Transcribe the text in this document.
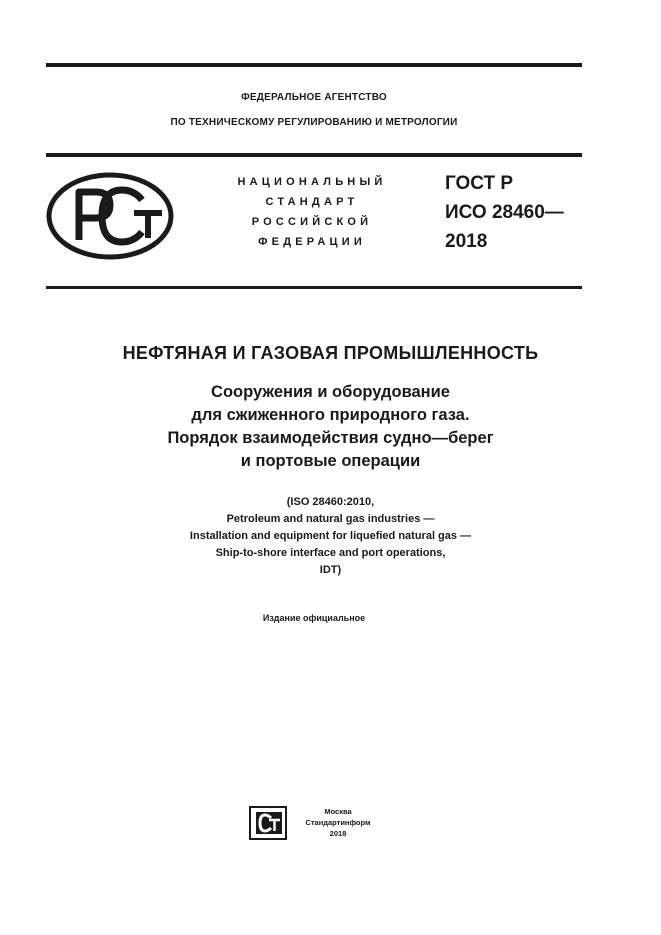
ФЕДЕРАЛЬНОЕ АГЕНТСТВО
ПО ТЕХНИЧЕСКОМУ РЕГУЛИРОВАНИЮ И МЕТРОЛОГИИ
РСТ
НАЦИОНАЛЬНЫЙ
СТАНДАРТ
РОССИЙСКОЙ
ФЕДЕРАЦИИ
ГОСТ Р
ИСО 28460—
2018
НЕФТЯНАЯ И ГАЗОВАЯ ПРОМЫШЛЕННОСТЬ
Сооружения и оборудование
для сжиженного природного газа.
Порядок взаимодействия судно—берег
и портовые операции
(ISO 28460:2010,
Petroleum and natural gas industries —
Installation and equipment for liquefied natural gas —
Ship-to-shore interface and port operations,
IDT)
Издание официальное
Москва
Стандартинформ
2018
